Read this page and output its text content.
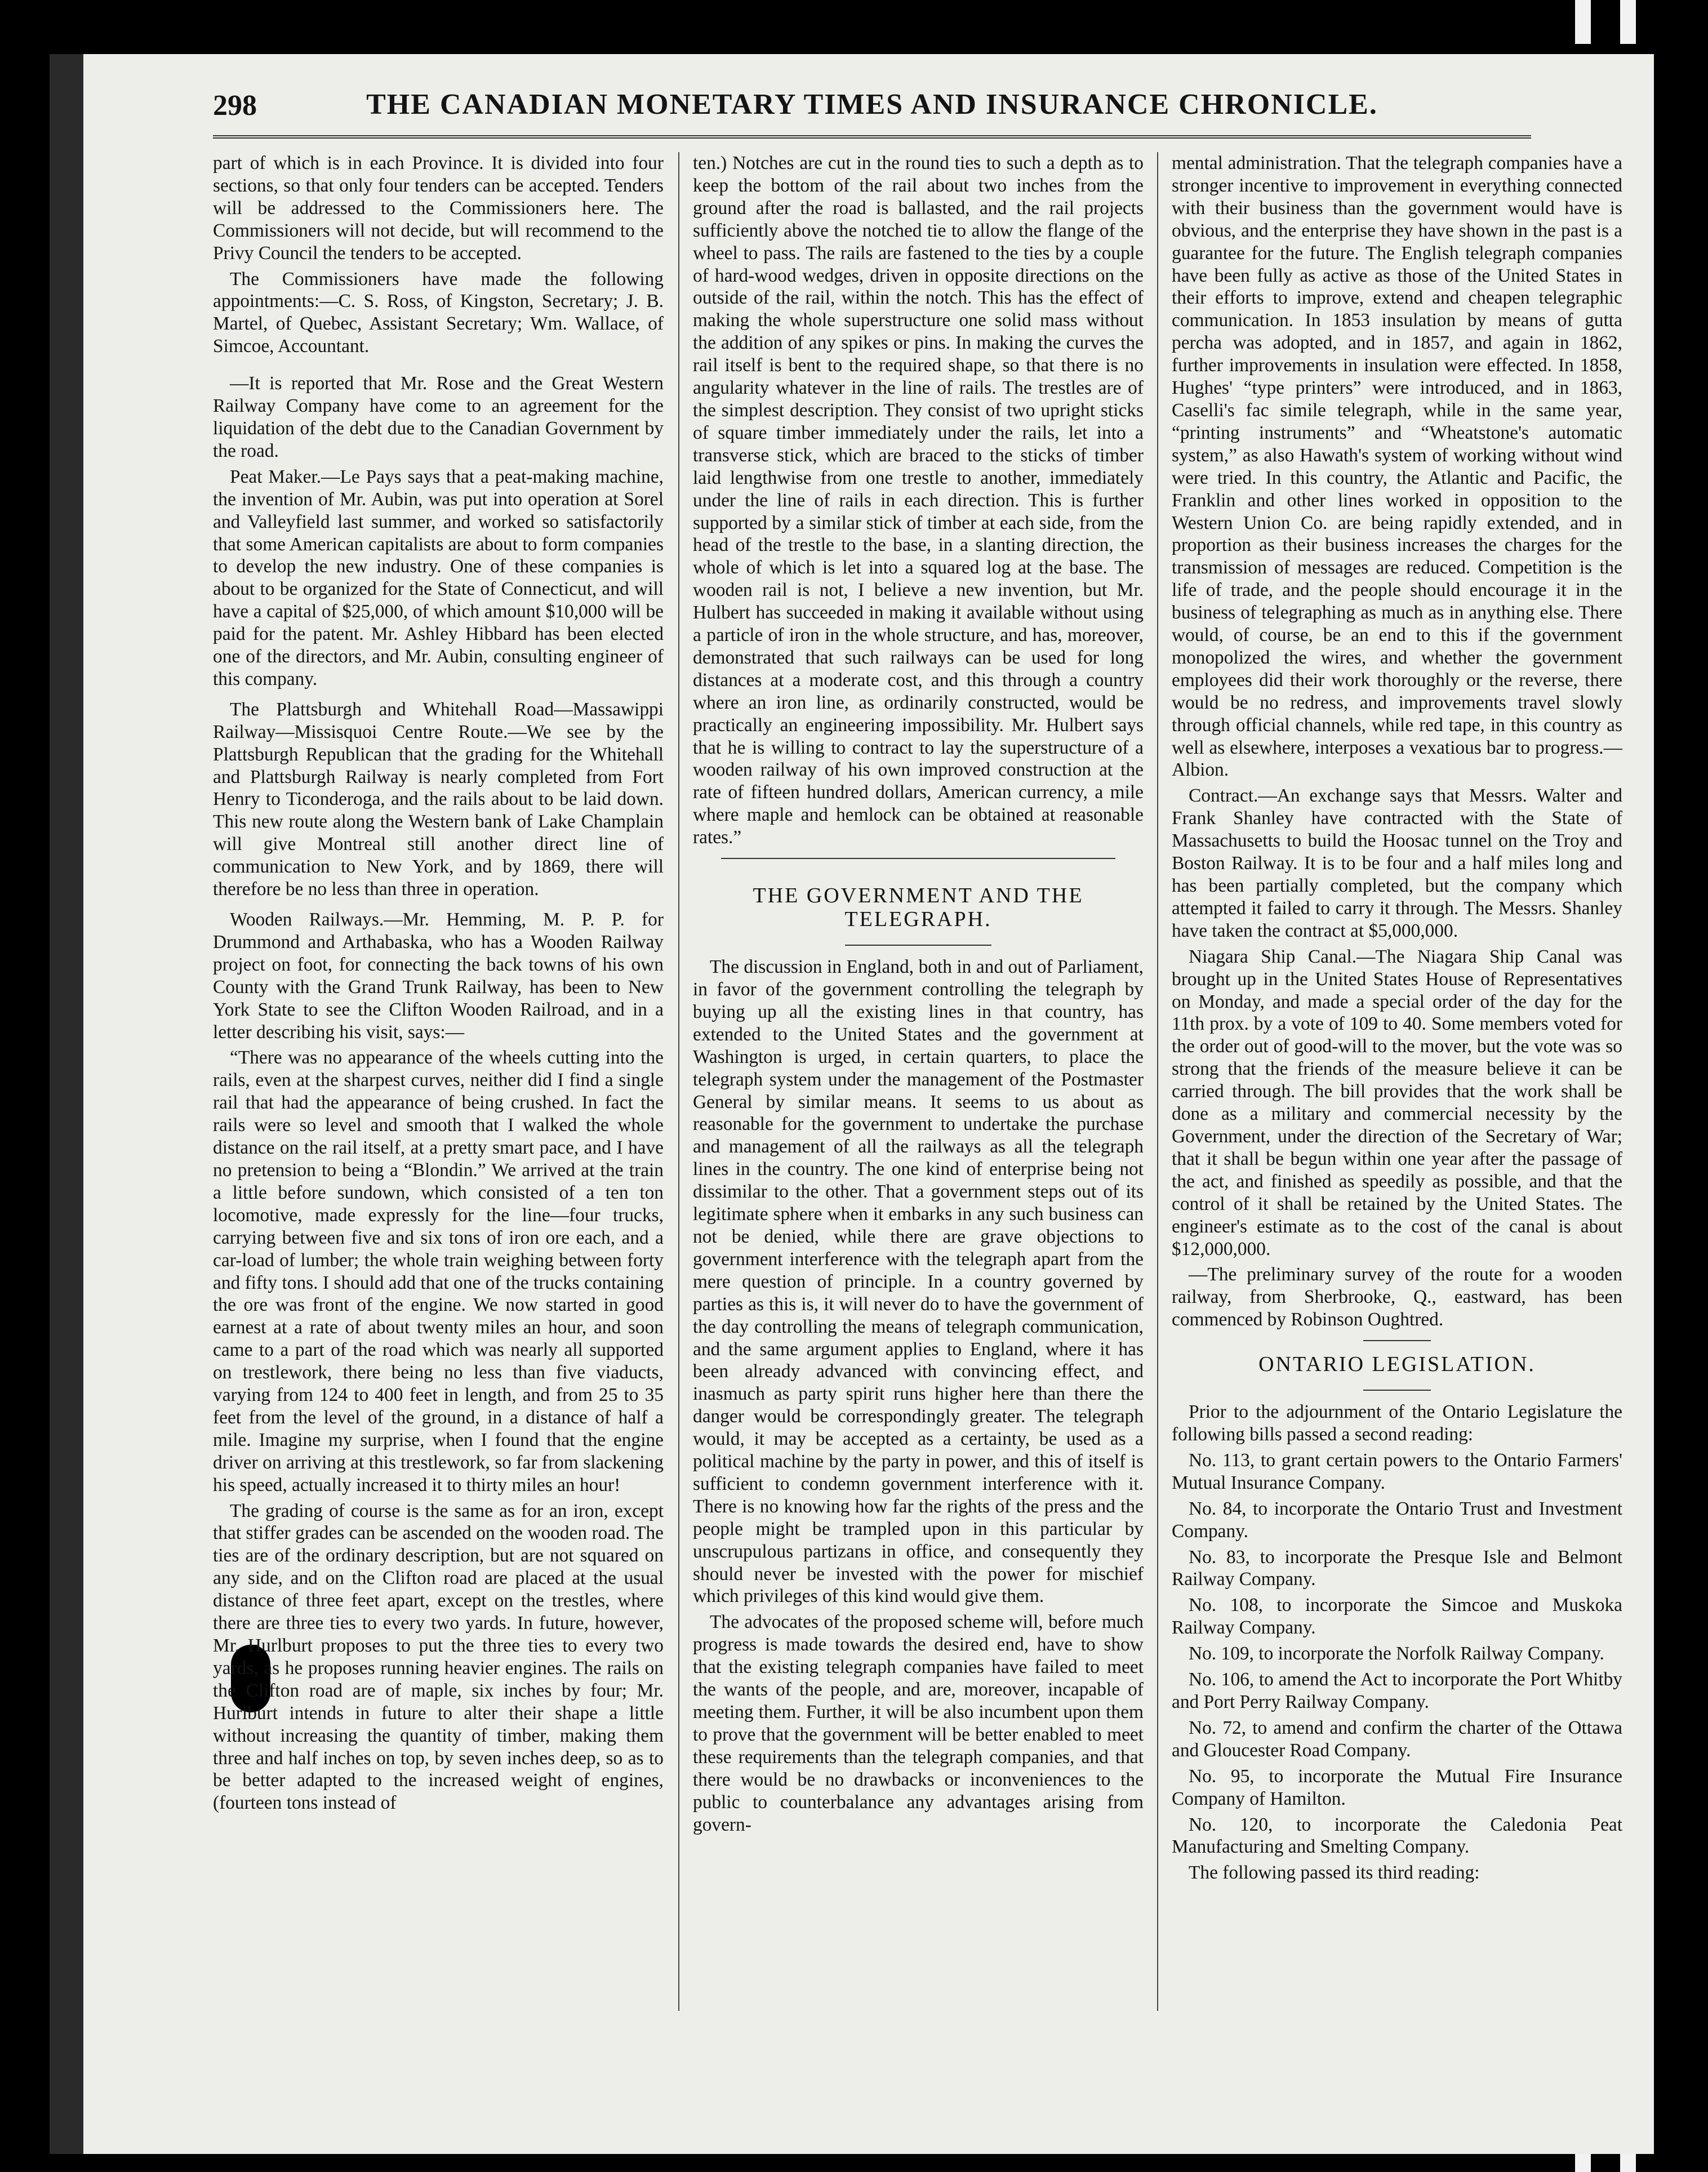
298	THE CANADIAN MONETARY TIMES AND INSURANCE CHRONICLE.

part of which is in each Province. It is divided into four sections, so that only four tenders can be accepted. Tenders will be addressed to the Commissioners here. The Commissioners will not decide, but will recommend to the Privy Council the tenders to be accepted.

The Commissioners have made the following appointments:—C. S. Ross, of Kingston, Secretary; J. B. Martel, of Quebec, Assistant Secretary; Wm. Wallace, of Simcoe, Accountant.

—It is reported that Mr. Rose and the Great Western Railway Company have come to an agreement for the liquidation of the debt due to the Canadian Government by the road.

Peat Maker.—Le Pays says that a peat-making machine, the invention of Mr. Aubin, was put into operation at Sorel and Valleyfield last summer, and worked so satisfactorily that some American capitalists are about to form companies to develop the new industry. One of these companies is about to be organized for the State of Connecticut, and will have a capital of $25,000, of which amount $10,000 will be paid for the patent. Mr. Ashley Hibbard has been elected one of the directors, and Mr. Aubin, consulting engineer of this company.

The Plattsburgh and Whitehall Road—Massawippi Railway—Missisquoi Centre Route.—We see by the Plattsburgh Republican that the grading for the Whitehall and Plattsburgh Railway is nearly completed from Fort Henry to Ticonderoga, and the rails about to be laid down. This new route along the Western bank of Lake Champlain will give Montreal still another direct line of communication to New York, and by 1869, there will therefore be no less than three in operation.

Wooden Railways.—Mr. Hemming, M. P. P. for Drummond and Arthabaska, who has a Wooden Railway project on foot, for connecting the back towns of his own County with the Grand Trunk Railway, has been to New York State to see the Clifton Wooden Railroad, and in a letter describing his visit, says:—

“There was no appearance of the wheels cutting into the rails, even at the sharpest curves, neither did I find a single rail that had the appearance of being crushed. In fact the rails were so level and smooth that I walked the whole distance on the rail itself, at a pretty smart pace, and I have no pretension to being a “Blondin.” We arrived at the train a little before sundown, which consisted of a ten ton locomotive, made expressly for the line—four trucks, carrying between five and six tons of iron ore each, and a car-load of lumber; the whole train weighing between forty and fifty tons. I should add that one of the trucks containing the ore was front of the engine. We now started in good earnest at a rate of about twenty miles an hour, and soon came to a part of the road which was nearly all supported on trestlework, there being no less than five viaducts, varying from 124 to 400 feet in length, and from 25 to 35 feet from the level of the ground, in a distance of half a mile. Imagine my surprise, when I found that the engine driver on arriving at this trestlework, so far from slackening his speed, actually increased it to thirty miles an hour!

The grading of course is the same as for an iron, except that stiffer grades can be ascended on the wooden road. The ties are of the ordinary description, but are not squared on any side, and on the Clifton road are placed at the usual distance of three feet apart, except on the trestles, where there are three ties to every two yards. In future, however, Mr. Hurlburt proposes to put the three ties to every two yards, as he proposes running heavier engines. The rails on the Clifton road are of maple, six inches by four; Mr. Hurlburt intends in future to alter their shape a little without increasing the quantity of timber, making them three and half inches on top, by seven inches deep, so as to be better adapted to the increased weight of engines, (fourteen tons instead of

ten.) Notches are cut in the round ties to such a depth as to keep the bottom of the rail about two inches from the ground after the road is ballasted, and the rail projects sufficiently above the notched tie to allow the flange of the wheel to pass. The rails are fastened to the ties by a couple of hard-wood wedges, driven in opposite directions on the outside of the rail, within the notch. This has the effect of making the whole superstructure one solid mass without the addition of any spikes or pins. In making the curves the rail itself is bent to the required shape, so that there is no angularity whatever in the line of rails. The trestles are of the simplest description. They consist of two upright sticks of square timber immediately under the rails, let into a transverse stick, which are braced to the sticks of timber laid lengthwise from one trestle to another, immediately under the line of rails in each direction. This is further supported by a similar stick of timber at each side, from the head of the trestle to the base, in a slanting direction, the whole of which is let into a squared log at the base. The wooden rail is not, I believe a new invention, but Mr. Hulbert has succeeded in making it available without using a particle of iron in the whole structure, and has, moreover, demonstrated that such railways can be used for long distances at a moderate cost, and this through a country where an iron line, as ordinarily constructed, would be practically an engineering impossibility. Mr. Hulbert says that he is willing to contract to lay the superstructure of a wooden railway of his own improved construction at the rate of fifteen hundred dollars, American currency, a mile where maple and hemlock can be obtained at reasonable rates.”

THE GOVERNMENT AND THE TELEGRAPH.

The discussion in England, both in and out of Parliament, in favor of the government controlling the telegraph by buying up all the existing lines in that country, has extended to the United States and the government at Washington is urged, in certain quarters, to place the telegraph system under the management of the Postmaster General by similar means. It seems to us about as reasonable for the government to undertake the purchase and management of all the railways as all the telegraph lines in the country. The one kind of enterprise being not dissimilar to the other. That a government steps out of its legitimate sphere when it embarks in any such business can not be denied, while there are grave objections to government interference with the telegraph apart from the mere question of principle. In a country governed by parties as this is, it will never do to have the government of the day controlling the means of telegraph communication, and the same argument applies to England, where it has been already advanced with convincing effect, and inasmuch as party spirit runs higher here than there the danger would be correspondingly greater. The telegraph would, it may be accepted as a certainty, be used as a political machine by the party in power, and this of itself is sufficient to condemn government interference with it. There is no knowing how far the rights of the press and the people might be trampled upon in this particular by unscrupulous partizans in office, and consequently they should never be invested with the power for mischief which privileges of this kind would give them.

The advocates of the proposed scheme will, before much progress is made towards the desired end, have to show that the existing telegraph companies have failed to meet the wants of the people, and are, moreover, incapable of meeting them. Further, it will be also incumbent upon them to prove that the government will be better enabled to meet these requirements than the telegraph companies, and that there would be no drawbacks or inconveniences to the public to counterbalance any advantages arising from govern-

mental administration. That the telegraph companies have a stronger incentive to improvement in everything connected with their business than the government would have is obvious, and the enterprise they have shown in the past is a guarantee for the future. The English telegraph companies have been fully as active as those of the United States in their efforts to improve, extend and cheapen telegraphic communication. In 1853 insulation by means of gutta percha was adopted, and in 1857, and again in 1862, further improvements in insulation were effected. In 1858, Hughes' “type printers” were introduced, and in 1863, Caselli's fac simile telegraph, while in the same year, “printing instruments” and “Wheatstone's automatic system,” as also Hawath's system of working without wind were tried. In this country, the Atlantic and Pacific, the Franklin and other lines worked in opposition to the Western Union Co. are being rapidly extended, and in proportion as their business increases the charges for the transmission of messages are reduced. Competition is the life of trade, and the people should encourage it in the business of telegraphing as much as in anything else. There would, of course, be an end to this if the government monopolized the wires, and whether the government employees did their work thoroughly or the reverse, there would be no redress, and improvements travel slowly through official channels, while red tape, in this country as well as elsewhere, interposes a vexatious bar to progress.—Albion.

Contract.—An exchange says that Messrs. Walter and Frank Shanley have contracted with the State of Massachusetts to build the Hoosac tunnel on the Troy and Boston Railway. It is to be four and a half miles long and has been partially completed, but the company which attempted it failed to carry it through. The Messrs. Shanley have taken the contract at $5,000,000.

Niagara Ship Canal.—The Niagara Ship Canal was brought up in the United States House of Representatives on Monday, and made a special order of the day for the 11th prox. by a vote of 109 to 40. Some members voted for the order out of good-will to the mover, but the vote was so strong that the friends of the measure believe it can be carried through. The bill provides that the work shall be done as a military and commercial necessity by the Government, under the direction of the Secretary of War; that it shall be begun within one year after the passage of the act, and finished as speedily as possible, and that the control of it shall be retained by the United States. The engineer's estimate as to the cost of the canal is about $12,000,000.

—The preliminary survey of the route for a wooden railway, from Sherbrooke, Q., eastward, has been commenced by Robinson Oughtred.

ONTARIO LEGISLATION.

Prior to the adjournment of the Ontario Legislature the following bills passed a second reading:

No. 113, to grant certain powers to the Ontario Farmers' Mutual Insurance Company.

No. 84, to incorporate the Ontario Trust and Investment Company.

No. 83, to incorporate the Presque Isle and Belmont Railway Company.

No. 108, to incorporate the Simcoe and Muskoka Railway Company.

No. 109, to incorporate the Norfolk Railway Company.

No. 106, to amend the Act to incorporate the Port Whitby and Port Perry Railway Company.

No. 72, to amend and confirm the charter of the Ottawa and Gloucester Road Company.

No. 95, to incorporate the Mutual Fire Insurance Company of Hamilton.

No. 120, to incorporate the Caledonia Peat Manufacturing and Smelting Company.

The following passed its third reading:
